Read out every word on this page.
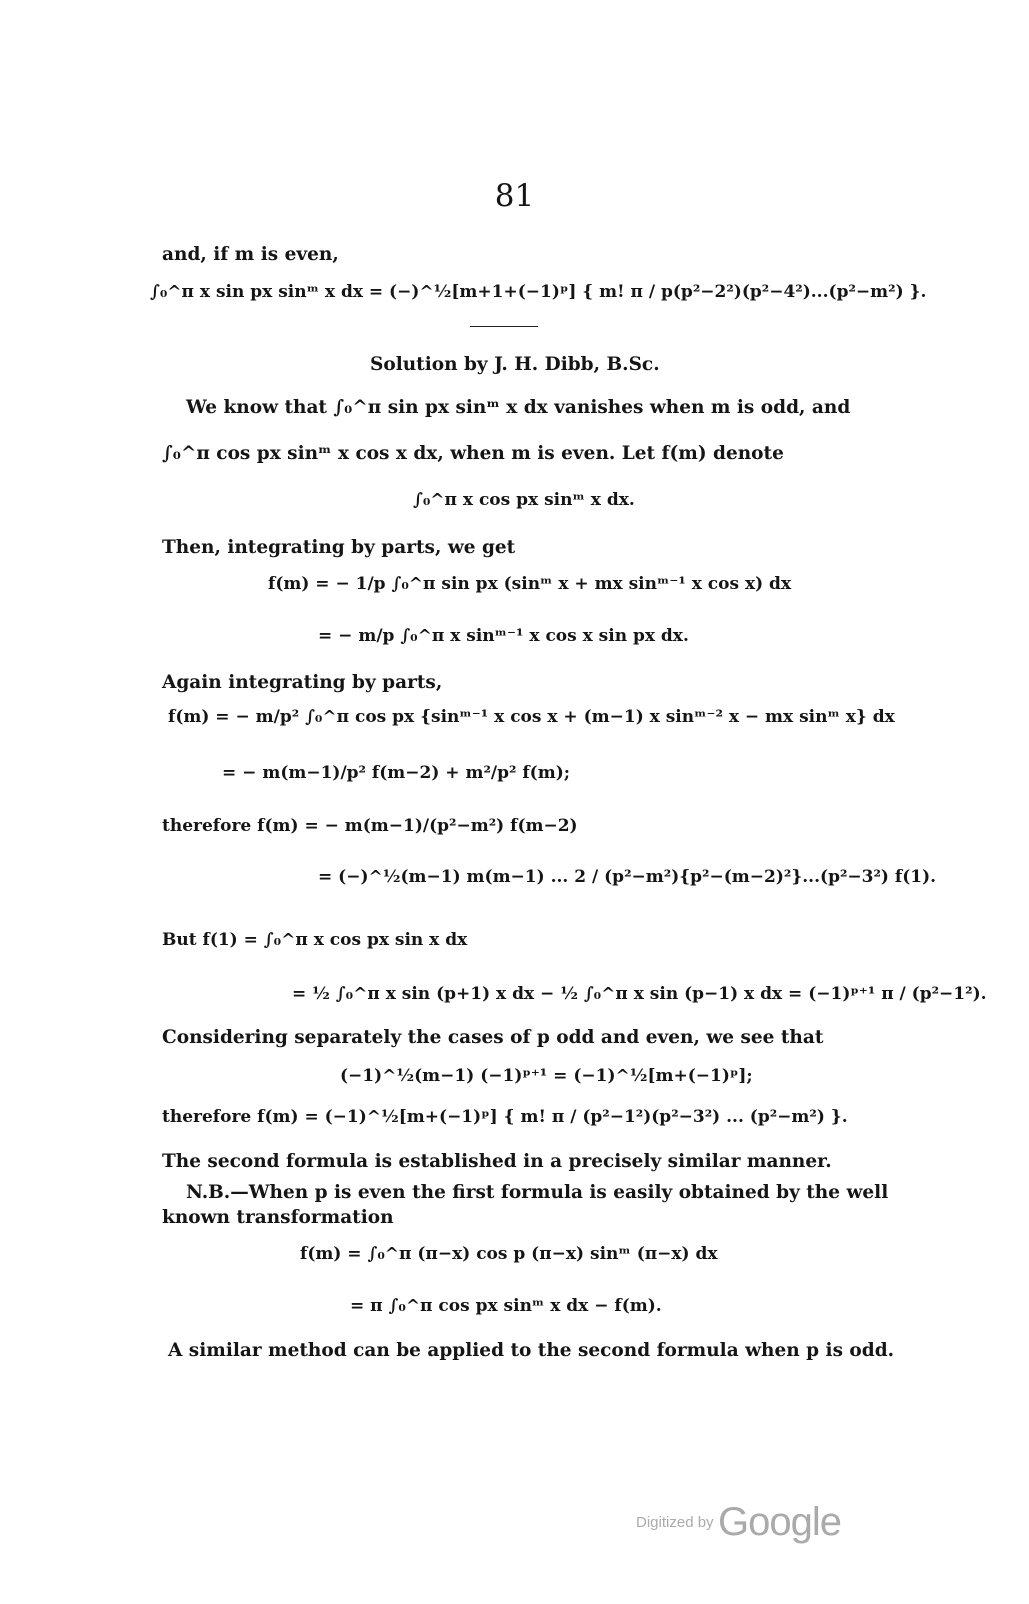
81
and, if m is even,
∫₀^π x sin px sinᵐ x dx = (−)^½[m+1+(−1)ᵖ] { m! π / p(p²−2²)(p²−4²)...(p²−m²) }.
Solution by J. H. Dibb, B.Sc.
We know that ∫₀^π sin px sinᵐ x dx vanishes when m is odd, and
∫₀^π cos px sinᵐ x cos x dx, when m is even. Let f(m) denote
∫₀^π x cos px sinᵐ x dx.
Then, integrating by parts, we get
f(m) = − 1/p ∫₀^π sin px (sinᵐ x + mx sinᵐ⁻¹ x cos x) dx
= − m/p ∫₀^π x sinᵐ⁻¹ x cos x sin px dx.
Again integrating by parts,
f(m) = − m/p² ∫₀^π cos px {sinᵐ⁻¹ x cos x + (m−1) x sinᵐ⁻² x − mx sinᵐ x} dx
= − m(m−1)/p² f(m−2) + m²/p² f(m);
therefore f(m) = − m(m−1)/(p²−m²) f(m−2)
= (−)^½(m−1) m(m−1) ... 2 / (p²−m²){p²−(m−2)²}...(p²−3²) f(1).
But f(1) = ∫₀^π x cos px sin x dx
= ½ ∫₀^π x sin (p+1) x dx − ½ ∫₀^π x sin (p−1) x dx = (−1)ᵖ⁺¹ π / (p²−1²).
Considering separately the cases of p odd and even, we see that
(−1)^½(m−1) (−1)ᵖ⁺¹ = (−1)^½[m+(−1)ᵖ];
therefore f(m) = (−1)^½[m+(−1)ᵖ] { m! π / (p²−1²)(p²−3²) ... (p²−m²) }.
The second formula is established in a precisely similar manner.
N.B.—When p is even the first formula is easily obtained by the well
known transformation
f(m) = ∫₀^π (π−x) cos p (π−x) sinᵐ (π−x) dx
= π ∫₀^π cos px sinᵐ x dx − f(m).
A similar method can be applied to the second formula when p is odd.
Digitized by Google
